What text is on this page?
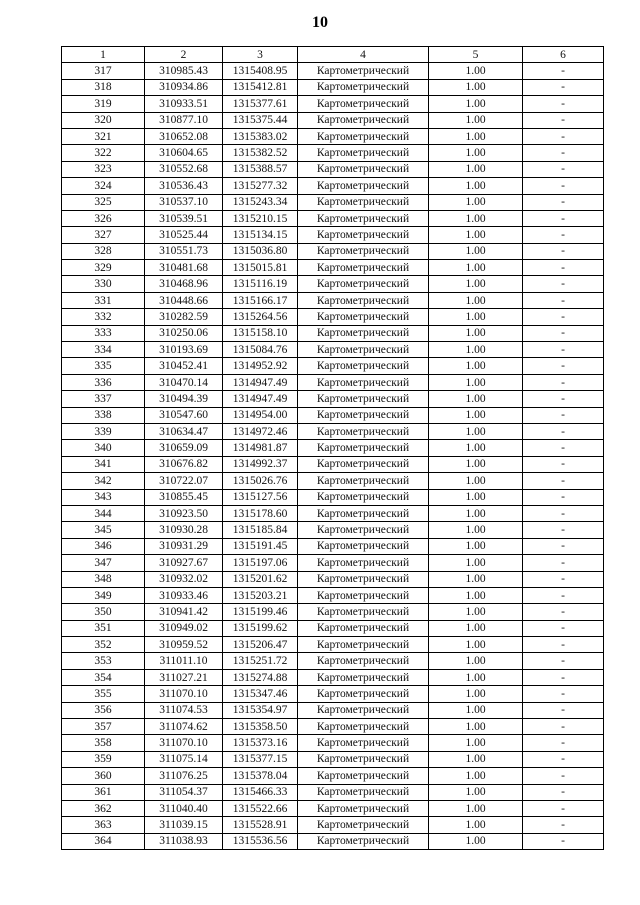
10
1	2	3	4	5	6
317	310985.43	1315408.95	Картометрический	1.00	-
318	310934.86	1315412.81	Картометрический	1.00	-
319	310933.51	1315377.61	Картометрический	1.00	-
320	310877.10	1315375.44	Картометрический	1.00	-
321	310652.08	1315383.02	Картометрический	1.00	-
322	310604.65	1315382.52	Картометрический	1.00	-
323	310552.68	1315388.57	Картометрический	1.00	-
324	310536.43	1315277.32	Картометрический	1.00	-
325	310537.10	1315243.34	Картометрический	1.00	-
326	310539.51	1315210.15	Картометрический	1.00	-
327	310525.44	1315134.15	Картометрический	1.00	-
328	310551.73	1315036.80	Картометрический	1.00	-
329	310481.68	1315015.81	Картометрический	1.00	-
330	310468.96	1315116.19	Картометрический	1.00	-
331	310448.66	1315166.17	Картометрический	1.00	-
332	310282.59	1315264.56	Картометрический	1.00	-
333	310250.06	1315158.10	Картометрический	1.00	-
334	310193.69	1315084.76	Картометрический	1.00	-
335	310452.41	1314952.92	Картометрический	1.00	-
336	310470.14	1314947.49	Картометрический	1.00	-
337	310494.39	1314947.49	Картометрический	1.00	-
338	310547.60	1314954.00	Картометрический	1.00	-
339	310634.47	1314972.46	Картометрический	1.00	-
340	310659.09	1314981.87	Картометрический	1.00	-
341	310676.82	1314992.37	Картометрический	1.00	-
342	310722.07	1315026.76	Картометрический	1.00	-
343	310855.45	1315127.56	Картометрический	1.00	-
344	310923.50	1315178.60	Картометрический	1.00	-
345	310930.28	1315185.84	Картометрический	1.00	-
346	310931.29	1315191.45	Картометрический	1.00	-
347	310927.67	1315197.06	Картометрический	1.00	-
348	310932.02	1315201.62	Картометрический	1.00	-
349	310933.46	1315203.21	Картометрический	1.00	-
350	310941.42	1315199.46	Картометрический	1.00	-
351	310949.02	1315199.62	Картометрический	1.00	-
352	310959.52	1315206.47	Картометрический	1.00	-
353	311011.10	1315251.72	Картометрический	1.00	-
354	311027.21	1315274.88	Картометрический	1.00	-
355	311070.10	1315347.46	Картометрический	1.00	-
356	311074.53	1315354.97	Картометрический	1.00	-
357	311074.62	1315358.50	Картометрический	1.00	-
358	311070.10	1315373.16	Картометрический	1.00	-
359	311075.14	1315377.15	Картометрический	1.00	-
360	311076.25	1315378.04	Картометрический	1.00	-
361	311054.37	1315466.33	Картометрический	1.00	-
362	311040.40	1315522.66	Картометрический	1.00	-
363	311039.15	1315528.91	Картометрический	1.00	-
364	311038.93	1315536.56	Картометрический	1.00	-
